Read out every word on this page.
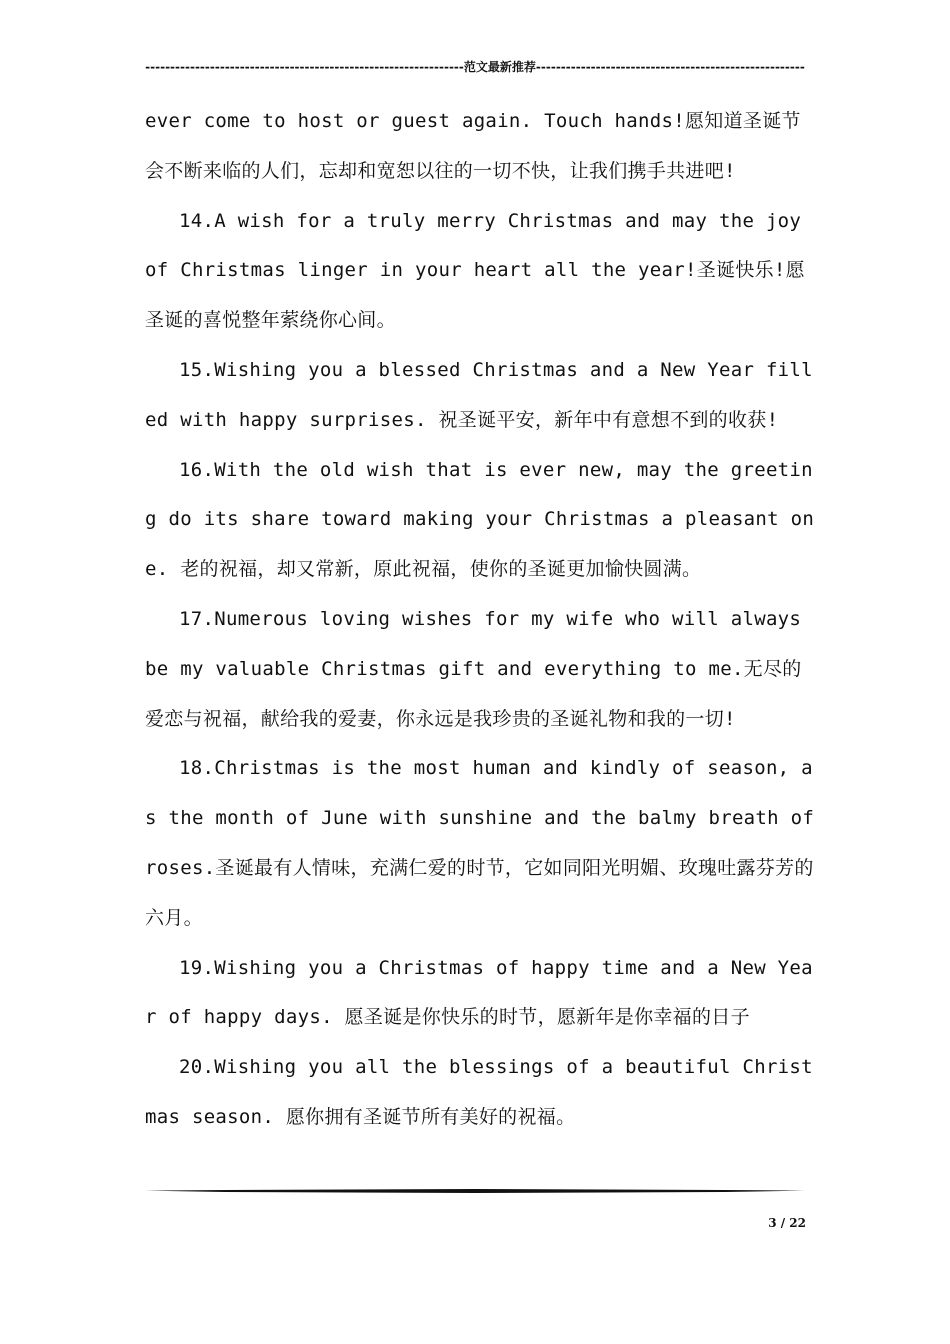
----------------------------------------------------------------范文最新推荐------------------------------------------------------

ever come to host or guest again. Touch hands!愿知道圣诞节会不断来临的人们，忘却和宽恕以往的一切不快，让我们携手共进吧!

14.A wish for a truly merry Christmas and may the joy of Christmas linger in your heart all the year!圣诞快乐!愿圣诞的喜悦整年萦绕你心间。

15.Wishing you a blessed Christmas and a New Year filled with happy surprises. 祝圣诞平安，新年中有意想不到的收获!

16.With the old wish that is ever new, may the greeting do its share toward making your Christmas a pleasant one. 老的祝福，却又常新，原此祝福，使你的圣诞更加愉快圆满。

17.Numerous loving wishes for my wife who will always be my valuable Christmas gift and everything to me.无尽的爱恋与祝福，献给我的爱妻，你永远是我珍贵的圣诞礼物和我的一切!

18.Christmas is the most human and kindly of season, as the month of June with sunshine and the balmy breath of roses.圣诞最有人情味，充满仁爱的时节，它如同阳光明媚、玫瑰吐露芬芳的六月。

19.Wishing you a Christmas of happy time and a New Year of happy days. 愿圣诞是你快乐的时节，愿新年是你幸福的日子

20.Wishing you all the blessings of a beautiful Christmas season. 愿你拥有圣诞节所有美好的祝福。

3 / 22
